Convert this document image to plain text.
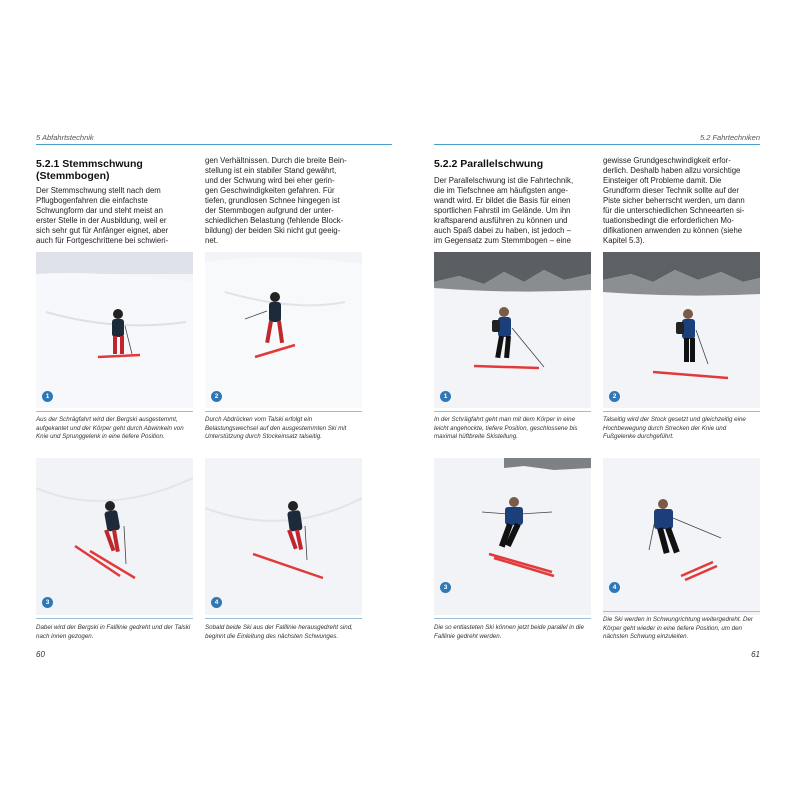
5 Abfahrtstechnik
5.2.1 Stemmschwung
(Stemmbogen)
Der Stemmschwung stellt nach dem
Pflugbogenfahren die einfachste
Schwungform dar und steht meist an
erster Stelle in der Ausbildung, weil er
sich sehr gut für Anfänger eignet, aber
auch für Fortgeschrittene bei schwieri-
gen Verhältnissen. Durch die breite Bein-
stellung ist ein stabiler Stand gewährt,
und der Schwung wird bei eher gerin-
gen Geschwindigkeiten gefahren. Für
tiefen, grundlosen Schnee hingegen ist
der Stemmbogen aufgrund der unter-
schiedlichen Belastung (fehlende Block-
bildung) der beiden Ski nicht gut geeig-
net.
1	2
Aus der Schrägfahrt wird der Bergski ausgestemmt, aufgekantet und der Körper geht durch Abwinkeln von Knie und Sprunggelenk in eine tiefere Position.
Durch Abdrücken vom Talski erfolgt ein Belastungswechsel auf den ausgestemmten Ski mit Unterstützung durch Stockeinsatz talseitig.
3	4
Dabei wird der Bergski in Falllinie gedreht und der Talski nach innen gezogen.
Sobald beide Ski aus der Falllinie herausgedreht sind, beginnt die Einleitung des nächsten Schwunges.
60
5.2 Fahrtechniken
5.2.2 Parallelschwung
Der Parallelschwung ist die Fahrtechnik,
die im Tiefschnee am häufigsten ange-
wandt wird. Er bildet die Basis für einen
sportlichen Fahrstil im Gelände. Um ihn
kraftsparend ausführen zu können und
auch Spaß dabei zu haben, ist jedoch –
im Gegensatz zum Stemmbogen – eine
gewisse Grundgeschwindigkeit erfor-
derlich. Deshalb haben allzu vorsichtige
Einsteiger oft Probleme damit. Die
Grundform dieser Technik sollte auf der
Piste sicher beherrscht werden, um dann
für die unterschiedlichen Schneearten si-
tuationsbedingt die erforderlichen Mo-
difikationen anwenden zu können (siehe
Kapitel 5.3).
1	2
In der Schrägfahrt geht man mit dem Körper in eine leicht angehockte, tiefere Position, geschlossene bis maximal hüftbreite Skistellung.
Talseitig wird der Stock gesetzt und gleichzeitig eine Hochbewegung durch Strecken der Knie und Fußgelenke durchgeführt.
3	4
Die so entlasteten Ski können jetzt beide parallel in die Falllinie gedreht werden.
Die Ski werden in Schwungrichtung weitergedreht. Der Körper geht wieder in eine tiefere Position, um den nächsten Schwung einzuleiten.
61
